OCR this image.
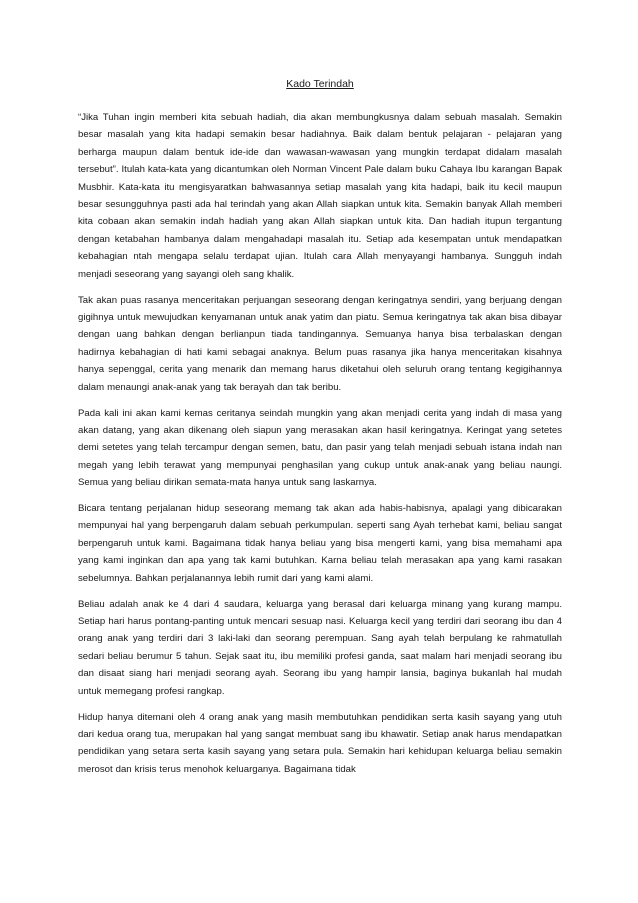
Kado Terindah

“Jika Tuhan ingin memberi kita sebuah hadiah, dia akan membungkusnya dalam sebuah masalah. Semakin besar masalah yang kita hadapi semakin besar hadiahnya. Baik dalam bentuk pelajaran - pelajaran yang berharga maupun dalam bentuk ide-ide dan wawasan-wawasan yang mungkin terdapat didalam masalah tersebut”. Itulah kata-kata yang dicantumkan oleh Norman Vincent Pale dalam buku Cahaya Ibu karangan Bapak Musbhir. Kata-kata itu mengisyaratkan bahwasannya setiap masalah yang kita hadapi, baik itu kecil maupun besar sesungguhnya pasti ada hal terindah yang akan Allah siapkan untuk kita. Semakin banyak Allah memberi kita cobaan akan semakin indah hadiah yang akan Allah siapkan untuk kita. Dan hadiah itupun tergantung dengan ketabahan hambanya dalam mengahadapi masalah itu. Setiap ada kesempatan untuk mendapatkan kebahagian ntah mengapa selalu terdapat ujian. Itulah cara Allah menyayangi hambanya. Sungguh indah menjadi seseorang yang sayangi oleh sang khalik.

Tak akan puas rasanya menceritakan perjuangan seseorang dengan keringatnya sendiri, yang berjuang dengan gigihnya untuk mewujudkan kenyamanan untuk anak yatim dan piatu. Semua keringatnya tak akan bisa dibayar dengan uang bahkan dengan berlianpun tiada tandingannya. Semuanya hanya bisa terbalaskan dengan hadirnya kebahagian di hati kami sebagai anaknya. Belum puas rasanya jika hanya menceritakan kisahnya hanya sepenggal, cerita yang menarik dan memang harus diketahui oleh seluruh orang tentang kegigihannya dalam menaungi anak-anak yang tak berayah dan tak beribu.

Pada kali ini akan kami kemas ceritanya seindah mungkin yang akan menjadi cerita yang indah di masa yang akan datang, yang akan dikenang oleh siapun yang merasakan akan hasil keringatnya. Keringat yang setetes demi setetes yang telah tercampur dengan semen, batu, dan pasir yang telah menjadi sebuah istana indah nan megah yang lebih terawat yang mempunyai penghasilan yang cukup untuk anak-anak yang beliau naungi. Semua yang beliau dirikan semata-mata hanya untuk sang laskarnya.

Bicara tentang perjalanan hidup seseorang memang tak akan ada habis-habisnya, apalagi yang dibicarakan mempunyai hal yang berpengaruh dalam sebuah perkumpulan. seperti sang Ayah terhebat kami, beliau sangat berpengaruh untuk kami. Bagaimana tidak hanya beliau yang bisa mengerti kami, yang bisa memahami apa yang kami inginkan dan apa yang tak kami butuhkan. Karna beliau telah merasakan apa yang kami rasakan sebelumnya. Bahkan perjalanannya lebih rumit dari yang kami alami.

Beliau adalah anak ke 4 dari 4 saudara, keluarga yang berasal dari keluarga minang yang kurang mampu. Setiap hari harus pontang-panting untuk mencari sesuap nasi. Keluarga kecil yang terdiri dari seorang ibu dan 4 orang anak yang terdiri dari 3 laki-laki dan seorang perempuan. Sang ayah telah berpulang ke rahmatullah sedari beliau berumur 5 tahun. Sejak saat itu, ibu memiliki profesi ganda, saat malam hari menjadi seorang ibu dan disaat siang hari menjadi seorang ayah. Seorang ibu yang hampir lansia, baginya bukanlah hal mudah untuk memegang profesi rangkap.

Hidup hanya ditemani oleh 4 orang anak yang masih membutuhkan pendidikan serta kasih sayang yang utuh dari kedua orang tua, merupakan hal yang sangat membuat sang ibu khawatir. Setiap anak harus mendapatkan pendidikan yang setara serta kasih sayang yang setara pula. Semakin hari kehidupan keluarga beliau semakin merosot dan krisis terus menohok keluarganya. Bagaimana tidak
